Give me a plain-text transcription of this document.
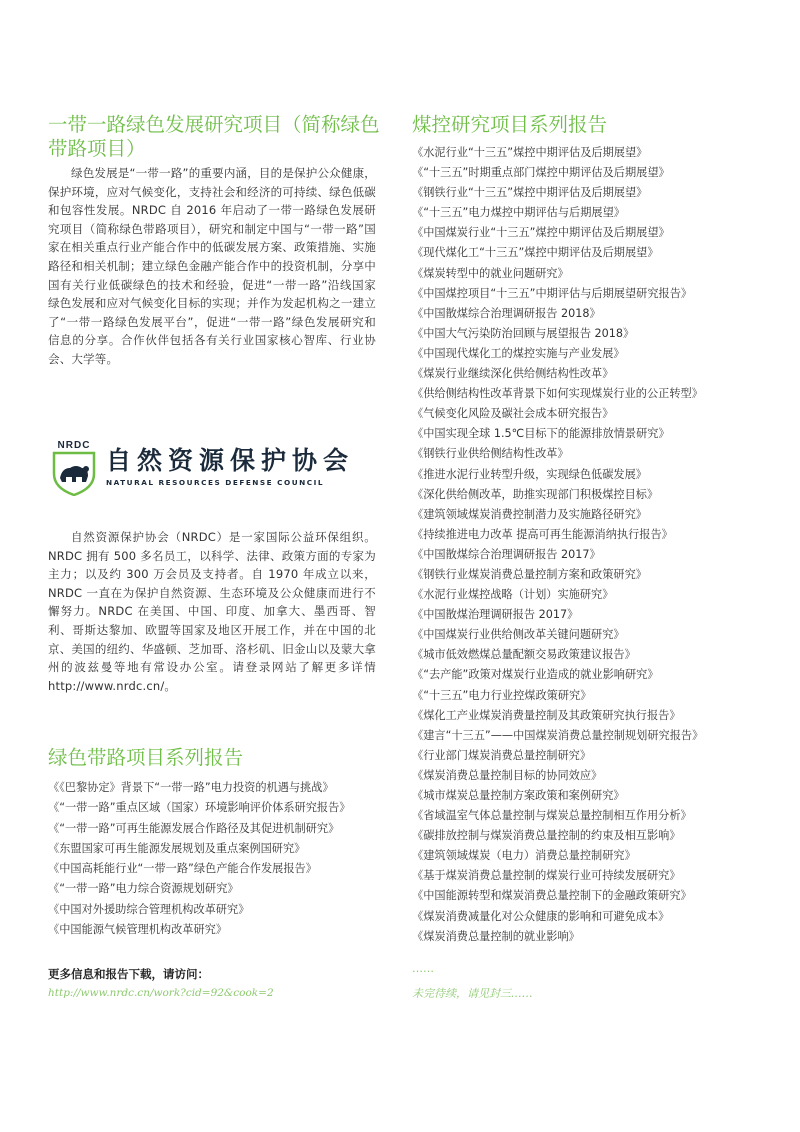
一带一路绿色发展研究项目（简称绿色
带路项目）

绿色发展是“一带一路”的重要内涵，目的是保护公众健康，保护环境，应对气候变化，支持社会和经济的可持续、绿色低碳和包容性发展。NRDC 自 2016 年启动了一带一路绿色发展研究项目（简称绿色带路项目），研究和制定中国与“一带一路”国家在相关重点行业产能合作中的低碳发展方案、政策措施、实施路径和相关机制；建立绿色金融产能合作中的投资机制，分享中国有关行业低碳绿色的技术和经验，促进“一带一路”沿线国家绿色发展和应对气候变化目标的实现；并作为发起机构之一建立了“一带一路绿色发展平台”，促进“一带一路”绿色发展研究和信息的分享。合作伙伴包括各有关行业国家核心智库、行业协会、大学等。

NRDC
自然资源保护协会
NATURAL RESOURCES DEFENSE COUNCIL

自然资源保护协会（NRDC）是一家国际公益环保组织。NRDC 拥有 500 多名员工，以科学、法律、政策方面的专家为主力；以及约 300 万会员及支持者。自 1970 年成立以来，NRDC 一直在为保护自然资源、生态环境及公众健康而进行不懈努力。NRDC 在美国、中国、印度、加拿大、墨西哥、智利、哥斯达黎加、欧盟等国家及地区开展工作，并在中国的北京、美国的纽约、华盛顿、芝加哥、洛杉矶、旧金山以及蒙大拿州的波兹曼等地有常设办公室。请登录网站了解更多详情 http://www.nrdc.cn/。

绿色带路项目系列报告
《《巴黎协定》背景下“一带一路”电力投资的机遇与挑战》
《“一带一路”重点区域（国家）环境影响评价体系研究报告》
《“一带一路”可再生能源发展合作路径及其促进机制研究》
《东盟国家可再生能源发展规划及重点案例国研究》
《中国高耗能行业“一带一路”绿色产能合作发展报告》
《“一带一路”电力综合资源规划研究》
《中国对外援助综合管理机构改革研究》
《中国能源气候管理机构改革研究》
更多信息和报告下载，请访问：
http://www.nrdc.cn/work?cid=92&cook=2
煤控研究项目系列报告
《水泥行业“十三五”煤控中期评估及后期展望》
《“十三五”时期重点部门煤控中期评估及后期展望》
《钢铁行业“十三五”煤控中期评估及后期展望》
《“十三五”电力煤控中期评估与后期展望》
《中国煤炭行业“十三五”煤控中期评估及后期展望》
《现代煤化工“十三五”煤控中期评估及后期展望》
《煤炭转型中的就业问题研究》
《中国煤控项目“十三五”中期评估与后期展望研究报告》
《中国散煤综合治理调研报告 2018》
《中国大气污染防治回顾与展望报告 2018》
《中国现代煤化工的煤控实施与产业发展》
《煤炭行业继续深化供给侧结构性改革》
《供给侧结构性改革背景下如何实现煤炭行业的公正转型》
《气候变化风险及碳社会成本研究报告》
《中国实现全球 1.5℃目标下的能源排放情景研究》
《钢铁行业供给侧结构性改革》
《推进水泥行业转型升级，实现绿色低碳发展》
《深化供给侧改革，助推实现部门积极煤控目标》
《建筑领域煤炭消费控制潜力及实施路径研究》
《持续推进电力改革 提高可再生能源消纳执行报告》
《中国散煤综合治理调研报告 2017》
《钢铁行业煤炭消费总量控制方案和政策研究》
《水泥行业煤控战略（计划）实施研究》
《中国散煤治理调研报告 2017》
《中国煤炭行业供给侧改革关键问题研究》
《城市低效燃煤总量配额交易政策建议报告》
《“去产能”政策对煤炭行业造成的就业影响研究》
《“十三五”电力行业控煤政策研究》
《煤化工产业煤炭消费量控制及其政策研究执行报告》
《建言“十三五”——中国煤炭消费总量控制规划研究报告》
《行业部门煤炭消费总量控制研究》
《煤炭消费总量控制目标的协同效应》
《城市煤炭总量控制方案政策和案例研究》
《省域温室气体总量控制与煤炭总量控制相互作用分析》
《碳排放控制与煤炭消费总量控制的约束及相互影响》
《建筑领域煤炭（电力）消费总量控制研究》
《基于煤炭消费总量控制的煤炭行业可持续发展研究》
《中国能源转型和煤炭消费总量控制下的金融政策研究》
《煤炭消费减量化对公众健康的影响和可避免成本》
《煤炭消费总量控制的就业影响》
……
未完待续，请见封三……
